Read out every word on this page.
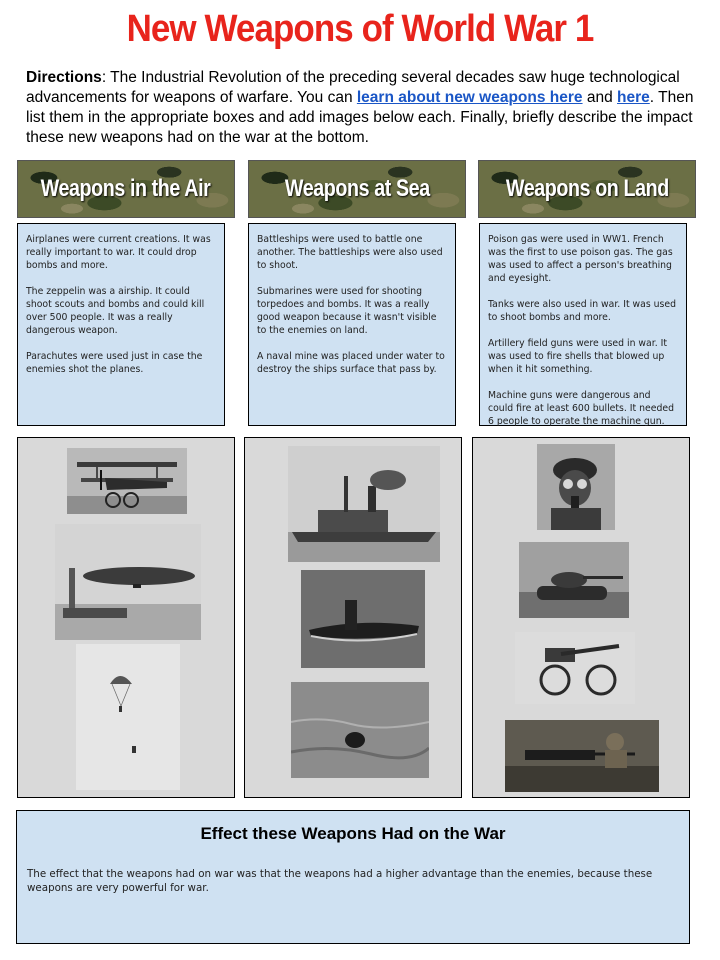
New Weapons of World War 1
Directions: The Industrial Revolution of the preceding several decades saw huge technological advancements for weapons of warfare. You can learn about new weapons here and here. Then list them in the appropriate boxes and add images below each. Finally, briefly describe the impact these new weapons had on the war at the bottom.
Weapons in the Air	Weapons at Sea	Weapons on Land

Airplanes were current creations. It was really important to war. It could drop bombs and more.

The zeppelin was a airship. It could shoot scouts and bombs and could kill over 500 people. It was a really dangerous weapon.

Parachutes were used just in case the enemies shot the planes.

Battleships were used to battle one another. The battleships were also used to shoot.

Submarines were used for shooting torpedoes and bombs. It was a really good weapon because it wasn't visible to the enemies on land.

A naval mine was placed under water to destroy the ships surface that pass by.

Poison gas were used in WW1. French was the first to use poison gas. The gas was used to affect a person's breathing and eyesight.

Tanks were also used in war. It was used to shoot bombs and more.

Artillery field guns were used in war. It was used to fire shells that blowed up when it hit something.

Machine guns were dangerous and could fire at least 600 bullets. It needed 6 people to operate the machine gun.

Effect these Weapons Had on the War
The effect that the weapons had on war was that the weapons had a higher advantage than the enemies, because these weapons are very powerful for war.
